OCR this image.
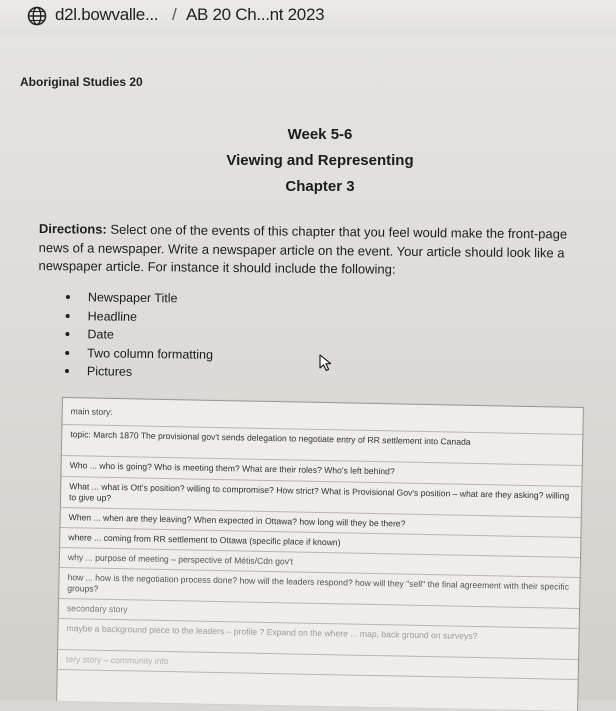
d2l.bowvalle... / AB 20 Ch...nt 2023
Aboriginal Studies 20
Week 5-6
Viewing and Representing
Chapter 3
Directions: Select one of the events of this chapter that you feel would make the front-page news of a newspaper. Write a newspaper article on the event. Your article should look like a newspaper article. For instance it should include the following:
Newspaper Title
Headline
Date
Two column formatting
Pictures
main story:
topic: March 1870 The provisional gov't sends delegation to negotiate entry of RR settlement into Canada
Who ... who is going? Who is meeting them? What are their roles? Who's left behind?
What ... what is Ott's position? willing to compromise? How strict? What is Provisional Gov's position – what are they asking? willing to give up?
When ... when are they leaving? When expected in Ottawa? how long will they be there?
where ... coming from RR settlement to Ottawa (specific place if known)
why ... purpose of meeting – perspective of Métis/Cdn gov't
how ... how is the negotiation process done? how will the leaders respond? how will they "sell" the final agreement with their specific groups?
secondary story
maybe a background piece to the leaders – profile ? Expand on the where ... map, back ground on surveys?
tery story – community info
